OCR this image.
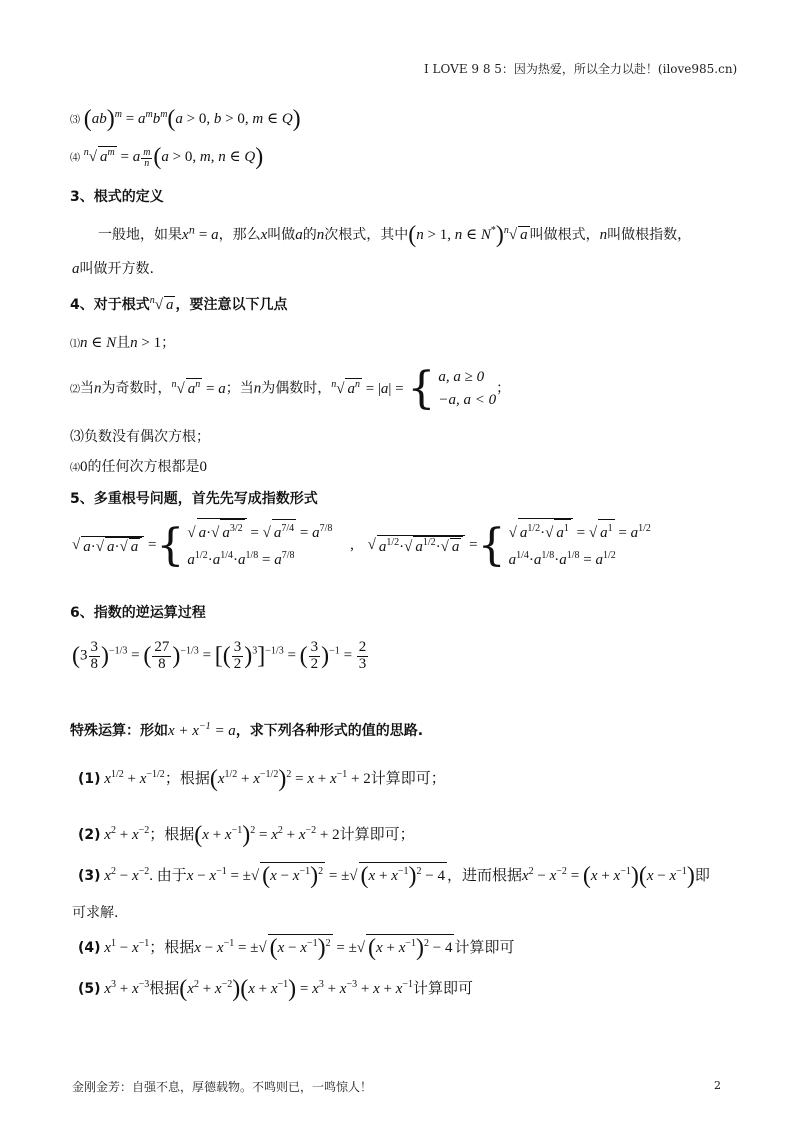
I LOVE 9 8 5：因为热爱，所以全力以赴！(ilove985.cn)
⑶ $(ab)^m = a^mb^m(a > 0$, b > 0, m ∈ Q)
⑷ $^n$√ $a^m = a \frac{m}{n} (a > 0$, m, n ∈ Q)
3、根式的定义
一般地，如果$x^n = a$，那么x叫做a的n次根式，其中(n > 1, n ∈ N*)$^n$√ a 叫做根式，n叫做根指数，
a叫做开方数.
4、对于根式$^n$√ a ，要注意以下几点
⑴n ∈ N且n > 1；
⑵当n为奇数时，$^n$√ $a^n = a$；当n为偶数时，$^n$√ $a^n = |a|$ = { a, a ≥ 0
−a, a < 0
；
⑶负数没有偶次方根；
⑷0的任何次方根都是0
5、多重根号问题，首先先写成指数形式
√ a·√ a·√ a = { √ a·√ $a^{3/2}$ = √ $a^{7/4} = a^{7/8}$
$a^{1/2}\cdot a^{1/4}\cdot a^{1/8} = a^{7/8}$
, √ $a^{1/2}\cdot√$ $a^{1/2}\cdot√$ a = { √ $a^{1/2}\cdot√$ $a^1$ = √ $a^1 = a^{1/2}$
$a^{1/4}\cdot a^{1/8}\cdot a^{1/8} = a^{1/2}$
6、指数的逆运算过程
$(3 \frac{3}{8} )^{-1/3}$ = ( $\frac{27}{8} )^{-1/3}$ = [( $\frac{3}{2} )^3]^{-1/3}$ = ( $\frac{3}{2} )^{-1} = \frac{2}{3}$
特殊运算：形如$x + x^{-1} = a$，求下列各种形式的值的思路.
(1) $x^{1/2} + x^{-1/2}$；根据$(x^{1/2} + x^{-1/2})^2 = x + x^{-1} + 2$计算即可；
(2) $x^2 + x^{-2}$；根据$(x + x^{-1})^2 = x^2 + x^{-2} + 2$计算即可；
(3) $x^2 - x^{-2}$. 由于$x - x^{-1}$ = ±√ $(x - x^{-1})^2$ = ±√ $(x + x^{-1})^2 - 4$ ，进而根据$x^2 - x^{-2} = (x + x^{-1})(x - x^{-1})$即
可求解.
(4) $x^1 - x^{-1}$；根据$x - x^{-1}$ = ±√ $(x - x^{-1})^2$ = ±√ $(x + x^{-1})^2 - 4$ 计算即可
(5) $x^3 + x^{-3}$根据$(x^2 + x^{-2})(x + x^{-1}) = x^3 + x^{-3} + x + x^{-1}$计算即可
金刚金芳：自强不息，厚德载物。不鸣则已，一鸣惊人！	2
